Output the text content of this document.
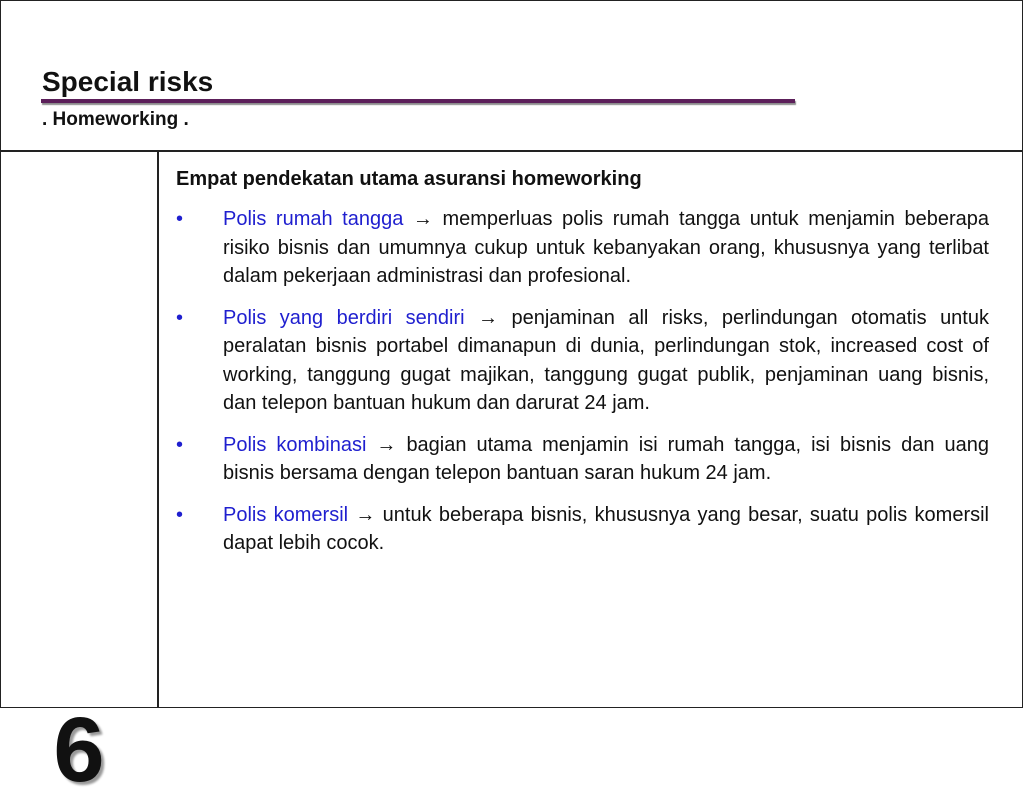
Special risks

. Homeworking .

6

Empat pendekatan utama asuransi homeworking

• Polis rumah tangga → memperluas polis rumah tangga untuk menjamin beberapa risiko bisnis dan umumnya cukup untuk kebanyakan orang, khususnya yang terlibat dalam pekerjaan administrasi dan profesional.
• Polis yang berdiri sendiri → penjaminan all risks, perlindungan otomatis untuk peralatan bisnis portabel dimanapun di dunia, perlindungan stok, increased cost of working, tanggung gugat majikan, tanggung gugat publik, penjaminan uang bisnis, dan telepon bantuan hukum dan darurat 24 jam.
• Polis kombinasi → bagian utama menjamin isi rumah tangga, isi bisnis dan uang bisnis bersama dengan telepon bantuan saran hukum 24 jam.
• Polis komersil → untuk beberapa bisnis, khususnya yang besar, suatu polis komersil dapat lebih cocok.
